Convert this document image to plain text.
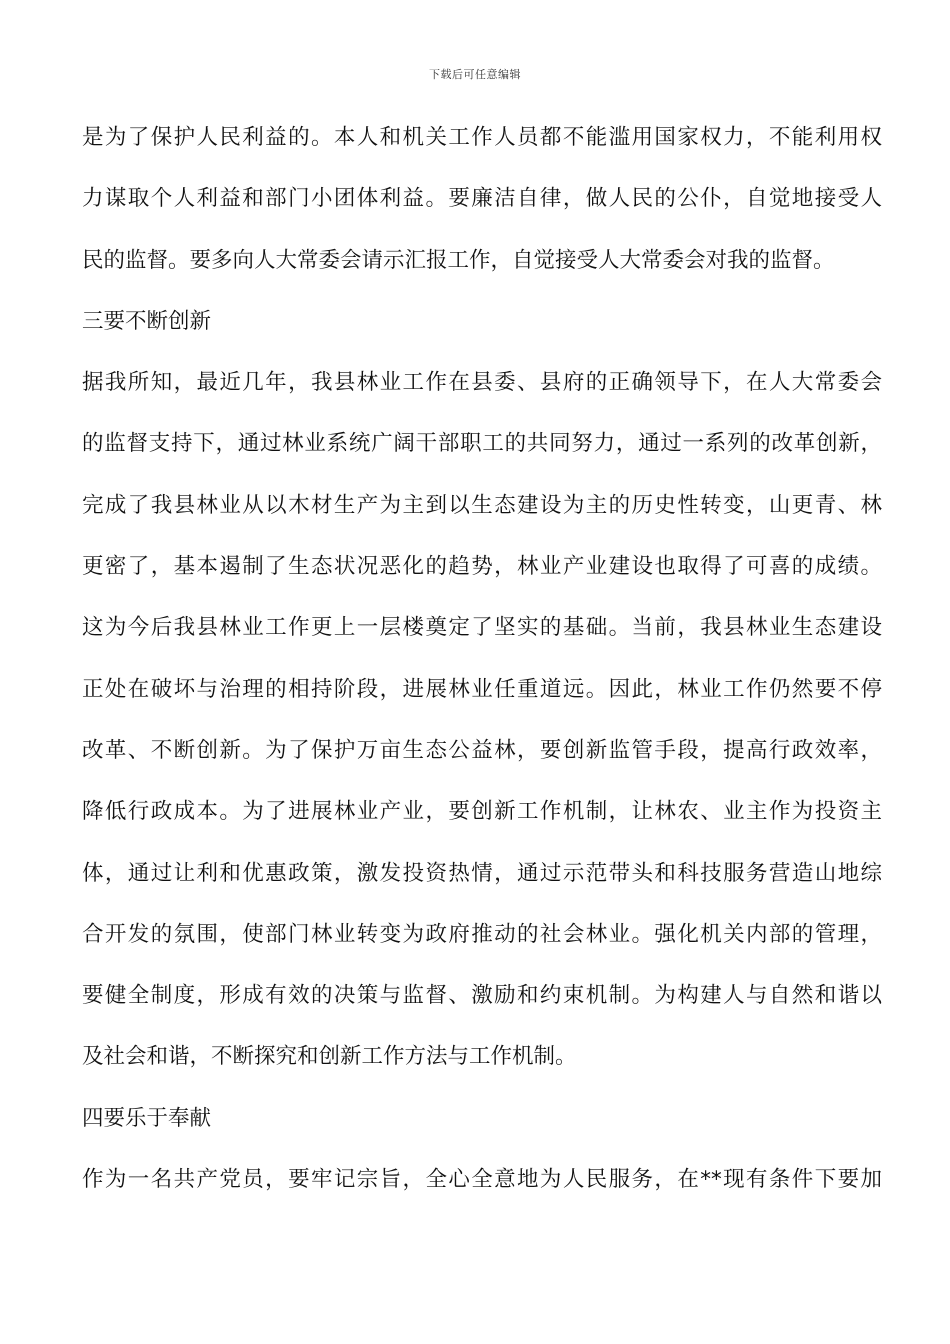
下载后可任意编辑
是为了保护人民利益的。本人和机关工作人员都不能滥用国家权力，不能利用权
力谋取个人利益和部门小团体利益。要廉洁自律，做人民的公仆，自觉地接受人
民的监督。要多向人大常委会请示汇报工作，自觉接受人大常委会对我的监督。
三要不断创新
据我所知，最近几年，我县林业工作在县委、县府的正确领导下，在人大常委会
的监督支持下，通过林业系统广阔干部职工的共同努力，通过一系列的改革创新，
完成了我县林业从以木材生产为主到以生态建设为主的历史性转变，山更青、林
更密了，基本遏制了生态状况恶化的趋势，林业产业建设也取得了可喜的成绩。
这为今后我县林业工作更上一层楼奠定了坚实的基础。当前，我县林业生态建设
正处在破坏与治理的相持阶段，进展林业任重道远。因此，林业工作仍然要不停
改革、不断创新。为了保护万亩生态公益林，要创新监管手段，提高行政效率，
降低行政成本。为了进展林业产业，要创新工作机制，让林农、业主作为投资主
体，通过让利和优惠政策，激发投资热情，通过示范带头和科技服务营造山地综
合开发的氛围，使部门林业转变为政府推动的社会林业。强化机关内部的管理，
要健全制度，形成有效的决策与监督、激励和约束机制。为构建人与自然和谐以
及社会和谐，不断探究和创新工作方法与工作机制。
四要乐于奉献
作为一名共产党员，要牢记宗旨，全心全意地为人民服务，在**现有条件下要加
